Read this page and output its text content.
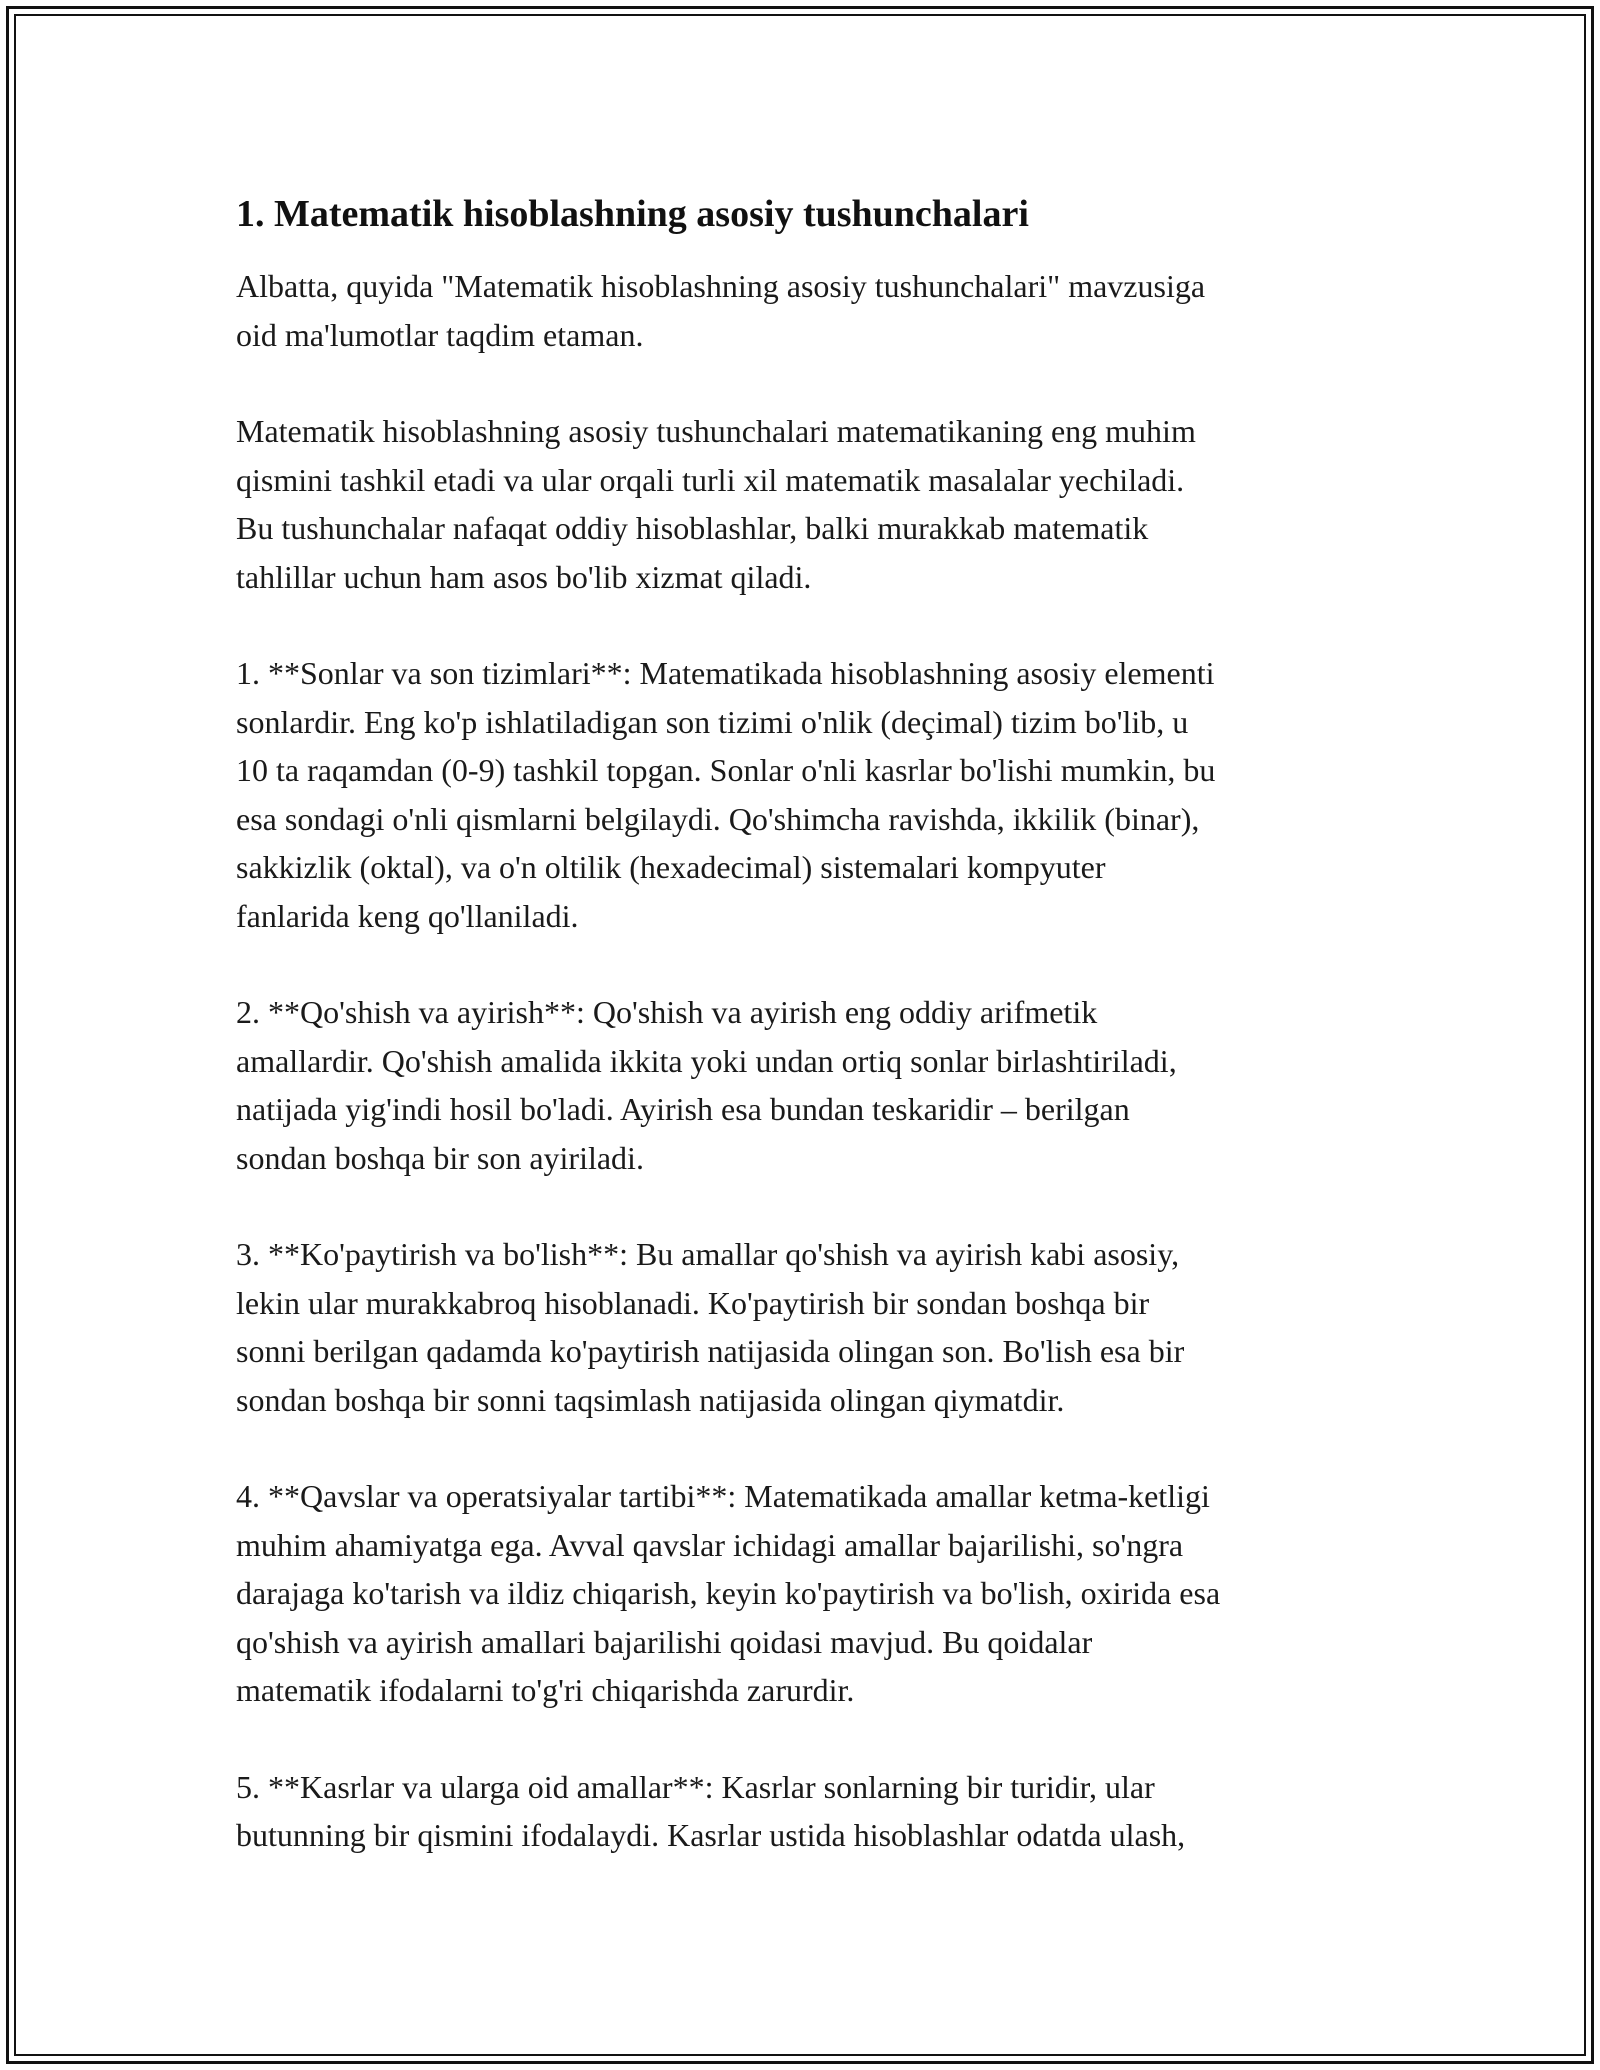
1. Matematik hisoblashning asosiy tushunchalari

Albatta, quyida "Matematik hisoblashning asosiy tushunchalari" mavzusiga
oid ma'lumotlar taqdim etaman.

Matematik hisoblashning asosiy tushunchalari matematikaning eng muhim
qismini tashkil etadi va ular orqali turli xil matematik masalalar yechiladi.
Bu tushunchalar nafaqat oddiy hisoblashlar, balki murakkab matematik
tahlillar uchun ham asos bo'lib xizmat qiladi.

1. **Sonlar va son tizimlari**: Matematikada hisoblashning asosiy elementi
sonlardir. Eng ko'p ishlatiladigan son tizimi o'nlik (deçimal) tizim bo'lib, u
10 ta raqamdan (0-9) tashkil topgan. Sonlar o'nli kasrlar bo'lishi mumkin, bu
esa sondagi o'nli qismlarni belgilaydi. Qo'shimcha ravishda, ikkilik (binar),
sakkizlik (oktal), va o'n oltilik (hexadecimal) sistemalari kompyuter
fanlarida keng qo'llaniladi.

2. **Qo'shish va ayirish**: Qo'shish va ayirish eng oddiy arifmetik
amallardir. Qo'shish amalida ikkita yoki undan ortiq sonlar birlashtiriladi,
natijada yig'indi hosil bo'ladi. Ayirish esa bundan teskaridir – berilgan
sondan boshqa bir son ayiriladi.

3. **Ko'paytirish va bo'lish**: Bu amallar qo'shish va ayirish kabi asosiy,
lekin ular murakkabroq hisoblanadi. Ko'paytirish bir sondan boshqa bir
sonni berilgan qadamda ko'paytirish natijasida olingan son. Bo'lish esa bir
sondan boshqa bir sonni taqsimlash natijasida olingan qiymatdir.

4. **Qavslar va operatsiyalar tartibi**: Matematikada amallar ketma-ketligi
muhim ahamiyatga ega. Avval qavslar ichidagi amallar bajarilishi, so'ngra
darajaga ko'tarish va ildiz chiqarish, keyin ko'paytirish va bo'lish, oxirida esa
qo'shish va ayirish amallari bajarilishi qoidasi mavjud. Bu qoidalar
matematik ifodalarni to'g'ri chiqarishda zarurdir.

5. **Kasrlar va ularga oid amallar**: Kasrlar sonlarning bir turidir, ular
butunning bir qismini ifodalaydi. Kasrlar ustida hisoblashlar odatda ulash,
